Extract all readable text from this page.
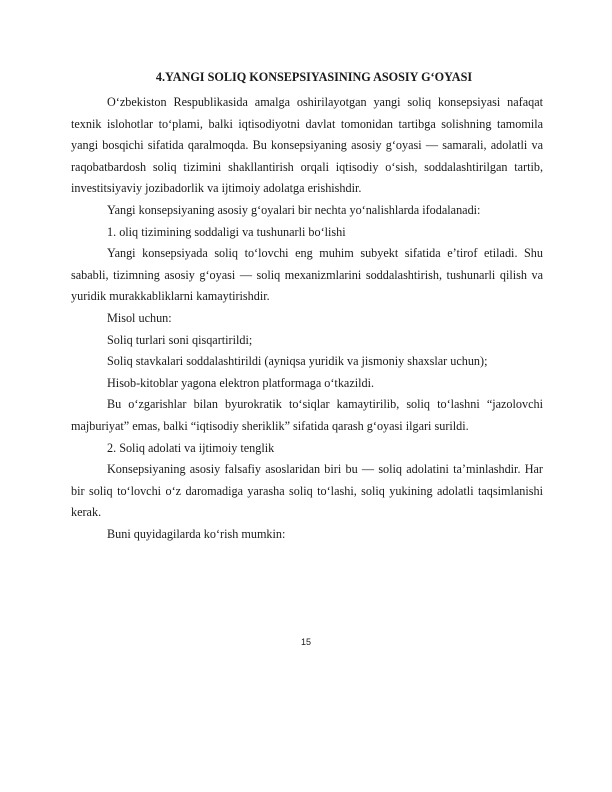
4.YANGI SOLIQ KONSEPSIYASINING ASOSIY G‘OYASI

O‘zbekiston Respublikasida amalga oshirilayotgan yangi soliq konsepsiyasi nafaqat texnik islohotlar to‘plami, balki iqtisodiyotni davlat tomonidan tartibga solishning tamomila yangi bosqichi sifatida qaralmoqda. Bu konsepsiyaning asosiy g‘oyasi — samarali, adolatli va raqobatbardosh soliq tizimini shakllantirish orqali iqtisodiy o‘sish, soddalashtirilgan tartib, investitsiyaviy jozibadorlik va ijtimoiy adolatga erishishdir.

Yangi konsepsiyaning asosiy g‘oyalari bir nechta yo‘nalishlarda ifodalanadi:

1. oliq tizimining soddaligi va tushunarli bo‘lishi

Yangi konsepsiyada soliq to‘lovchi eng muhim subyekt sifatida e’tirof etiladi. Shu sababli, tizimning asosiy g‘oyasi — soliq mexanizmlarini soddalashtirish, tushunarli qilish va yuridik murakkabliklarni kamaytirishdir.

Misol uchun:

Soliq turlari soni qisqartirildi;

Soliq stavkalari soddalashtirildi (ayniqsa yuridik va jismoniy shaxslar uchun);

Hisob-kitoblar yagona elektron platformaga o‘tkazildi.

Bu o‘zgarishlar bilan byurokratik to‘siqlar kamaytirilib, soliq to‘lashni “jazolovchi majburiyat” emas, balki “iqtisodiy sheriklik” sifatida qarash g‘oyasi ilgari surildi.

2. Soliq adolati va ijtimoiy tenglik

Konsepsiyaning asosiy falsafiy asoslaridan biri bu — soliq adolatini ta’minlashdir. Har bir soliq to‘lovchi o‘z daromadiga yarasha soliq to‘lashi, soliq yukining adolatli taqsimlanishi kerak.

Buni quyidagilarda ko‘rish mumkin:

15
